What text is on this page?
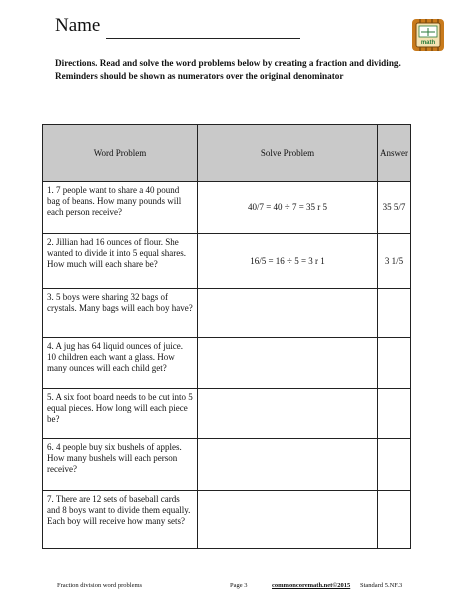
Name
math
Directions. Read and solve the word problems below by creating a fraction and dividing. Reminders should be shown as numerators over the original denominator
Word Problem	Solve Problem	Answer
1. 7 people want to share a 40 pound bag of beans. How many pounds will each person receive?	40/7 = 40 ÷ 7 = 35 r 5	35 5/7
2. Jillian had 16 ounces of flour. She wanted to divide it into 5 equal shares. How much will each share be?	16/5 = 16 ÷ 5 = 3 r 1	3 1/5
3. 5 boys were sharing 32 bags of crystals. Many bags will each boy have?		
4. A jug has 64 liquid ounces of juice. 10 children each want a glass. How many ounces will each child get?		
5. A six foot board needs to be cut into 5 equal pieces. How long will each piece be?		
6. 4 people buy six bushels of apples. How many bushels will each person receive?		
7. There are 12 sets of baseball cards and 8 boys want to divide them equally. Each boy will receive how many sets?		
Fraction division word problems	Page 3	commoncoremath.net©2015 Standard 5.NF.3
